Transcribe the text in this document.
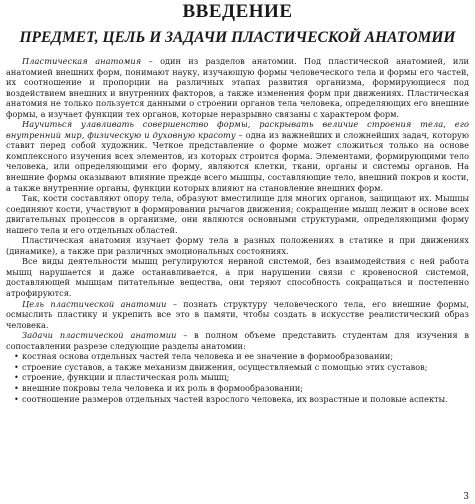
ВВЕДЕНИЕ
ПРЕДМЕТ, ЦЕЛЬ И ЗАДАЧИ ПЛАСТИЧЕСКОЙ АНАТОМИИ

Пластическая анатомия – один из разделов анатомии. Под пластической анатомией, или анатомией внешних форм, понимают науку, изучающую формы человеческого тела и формы его частей, их соотношение и пропорции на различных этапах развития организма, формирующиеся под воздействием внешних и внутренних факторов, а также изменения форм при движениях. Пластическая анатомия не только пользуется данными о строении органов тела человека, определяющих его внешние формы, а изучает функции тех органов, которые неразрывно связаны с характером форм.

Научиться улавливать совершенство формы, раскрывать величие строения тела, его внутренний мир, физическую и духовную красоту – одна из важнейших и сложнейших задач, которую ставит перед собой художник. Четкое представление о форме может сложиться только на основе комплексного изучения всех элементов, из которых строится форма. Элементами, формирующими тело человека, или определяющими его форму, являются клетки, ткани, органы и системы органов. На внешние формы оказывают влияние прежде всего мышцы, составляющие тело, внешний покров и кости, а также внутренние органы, функции которых влияют на становление внешних форм.

Так, кости составляют опору тела, образуют вместилище для многих органов, защищают их. Мышцы соединяют кости, участвуют в формировании рычагов движения; сокращение мышц лежит в основе всех двигательных процессов в организме, они являются основными структурами, определяющими форму нашего тела и его отдельных областей.

Пластическая анатомия изучает форму тела в разных положениях в статике и при движениях (динамике), а также при различных эмоциональных состояниях.

Все виды деятельности мышц регулируются нервной системой, без взаимодействия с ней работа мышц нарушается и даже останавливается, а при нарушении связи с кровеносной системой, доставляющей мышцам питательные вещества, они теряют способность сокращаться и постепенно атрофируются.

Цель пластической анатомии – познать структуру человеческого тела, его внешние формы, осмыслить пластику и укрепить все это в памяти, чтобы создать в искусстве реалистический образ человека.

Задачи пластической анатомии – в полном объеме представить студентам для изучения в сопоставлении разрезе следующие разделы анатомии:

• костная основа отдельных частей тела человека и ее значение в формообразовании;
• строение суставов, а также механизм движения, осуществляемый с помощью этих суставов;
• строение, функции и пластическая роль мышц;
• внешние покровы тела человека и их роль в формообразовании;
• соотношение размеров отдельных частей взрослого человека, их возрастные и половые аспекты.
3
